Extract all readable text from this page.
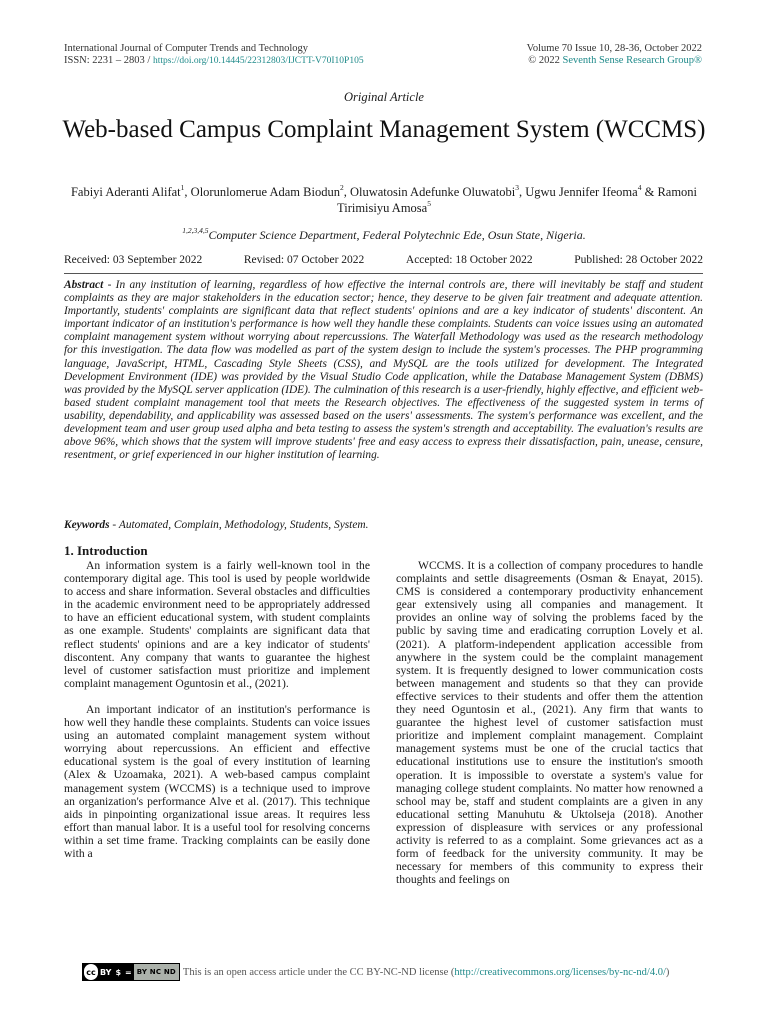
International Journal of Computer Trends and Technology
ISSN: 2231 – 2803 / https://doi.org/10.14445/22312803/IJCTT-V70I10P105
Volume 70 Issue 10, 28-36, October 2022
© 2022 Seventh Sense Research Group®
Original Article
Web-based Campus Complaint Management System (WCCMS)
Fabiyi Aderanti Alifat$^1$, Olorunlomerue Adam Biodun$^2$, Oluwatosin Adefunke Oluwatobi$^3$, Ugwu Jennifer Ifeoma$^4$ & Ramoni Tirimisiyu Amosa$^5$
$^{1,2,3,4,5}$Computer Science Department, Federal Polytechnic Ede, Osun State, Nigeria.
Received: 03 September 2022	Revised: 07 October 2022	Accepted: 18 October 2022	Published: 28 October 2022
Abstract - In any institution of learning, regardless of how effective the internal controls are, there will inevitably be staff and student complaints as they are major stakeholders in the education sector; hence, they deserve to be given fair treatment and adequate attention. Importantly, students' complaints are significant data that reflect students' opinions and are a key indicator of students' discontent. An important indicator of an institution's performance is how well they handle these complaints. Students can voice issues using an automated complaint management system without worrying about repercussions. The Waterfall Methodology was used as the research methodology for this investigation. The data flow was modelled as part of the system design to include the system's processes. The PHP programming language, JavaScript, HTML, Cascading Style Sheets (CSS), and MySQL are the tools utilized for development. The Integrated Development Environment (IDE) was provided by the Visual Studio Code application, while the Database Management System (DBMS) was provided by the MySQL server application (IDE). The culmination of this research is a user-friendly, highly effective, and efficient web-based student complaint management tool that meets the Research objectives. The effectiveness of the suggested system in terms of usability, dependability, and applicability was assessed based on the users' assessments. The system's performance was excellent, and the development team and user group used alpha and beta testing to assess the system's strength and acceptability. The evaluation's results are above 96%, which shows that the system will improve students' free and easy access to express their dissatisfaction, pain, unease, censure, resentment, or grief experienced in our higher institution of learning.
Keywords - Automated, Complain, Methodology, Students, System.
1. Introduction

An information system is a fairly well-known tool in the contemporary digital age. This tool is used by people worldwide to access and share information. Several obstacles and difficulties in the academic environment need to be appropriately addressed to have an efficient educational system, with student complaints as one example. Students' complaints are significant data that reflect students' opinions and are a key indicator of students' discontent. Any company that wants to guarantee the highest level of customer satisfaction must prioritize and implement complaint management Oguntosin et al., (2021).

An important indicator of an institution's performance is how well they handle these complaints. Students can voice issues using an automated complaint management system without worrying about repercussions. An efficient and effective educational system is the goal of every institution of learning (Alex & Uzoamaka, 2021). A web-based campus complaint management system (WCCMS) is a technique used to improve an organization's performance Alve et al. (2017). This technique aids in pinpointing organizational issue areas. It requires less effort than manual labor. It is a useful tool for resolving concerns within a set time frame. Tracking complaints can be easily done with a

WCCMS. It is a collection of company procedures to handle complaints and settle disagreements (Osman & Enayat, 2015). CMS is considered a contemporary productivity enhancement gear extensively using all companies and management. It provides an online way of solving the problems faced by the public by saving time and eradicating corruption Lovely et al. (2021). A platform-independent application accessible from anywhere in the system could be the complaint management system. It is frequently designed to lower communication costs between management and students so that they can provide effective services to their students and offer them the attention they need Oguntosin et al., (2021). Any firm that wants to guarantee the highest level of customer satisfaction must prioritize and implement complaint management. Complaint management systems must be one of the crucial tactics that educational institutions use to ensure the institution's smooth operation. It is impossible to overstate a system's value for managing college student complaints. No matter how renowned a school may be, staff and student complaints are a given in any educational setting Manuhutu & Uktolseja (2018). Another expression of displeasure with services or any professional activity is referred to as a complaint. Some grievances act as a form of feedback for the university community. It may be necessary for members of this community to express their thoughts and feelings on

cc BY $ = BY NC ND This is an open access article under the CC BY-NC-ND license ( http://creativecommons.org/licenses/by-nc-nd/4.0/ )
